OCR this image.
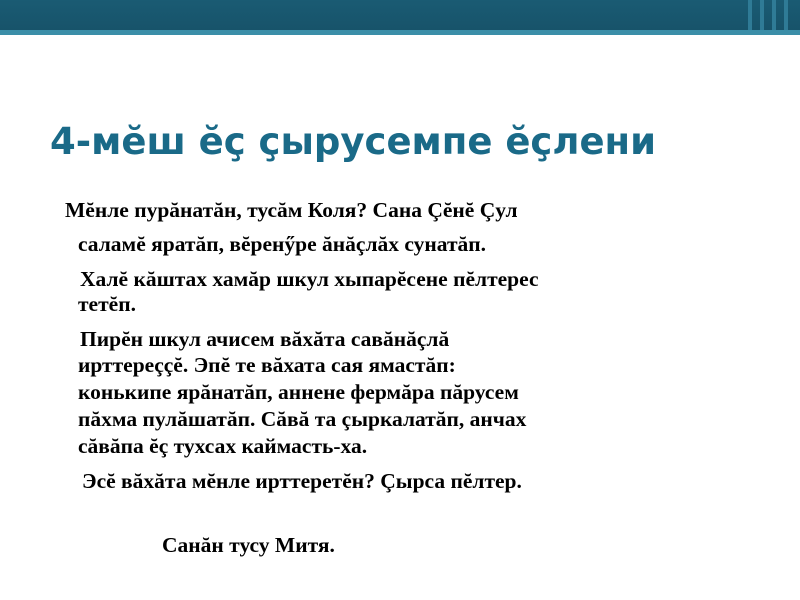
4-мĕш ĕç çырусемпе ĕçлени
Мĕнле пурăнатăн, тусăм Коля? Сана Çĕнĕ Çул
саламĕ яратăп, вĕренӳре ăнăçлăх сунатăп.
Халĕ кăштах хамăр шкул хыпарĕсене пĕлтерес
тетĕп.
Пирĕн шкул ачисем вăхăта савăнăçлă
ирттереççĕ. Эпĕ те вăхата сая ямастăп:
конькипе ярăнатăп, аннене фермăра пăрусем
пăхма пулăшатăп. Сăвă та çыркалатăп, анчах
сăвăпа ĕç тухсах каймасть-ха.
Эсĕ вăхăта мĕнле ирттеретĕн? Çырса пĕлтер.
Санăн тусу Митя.
